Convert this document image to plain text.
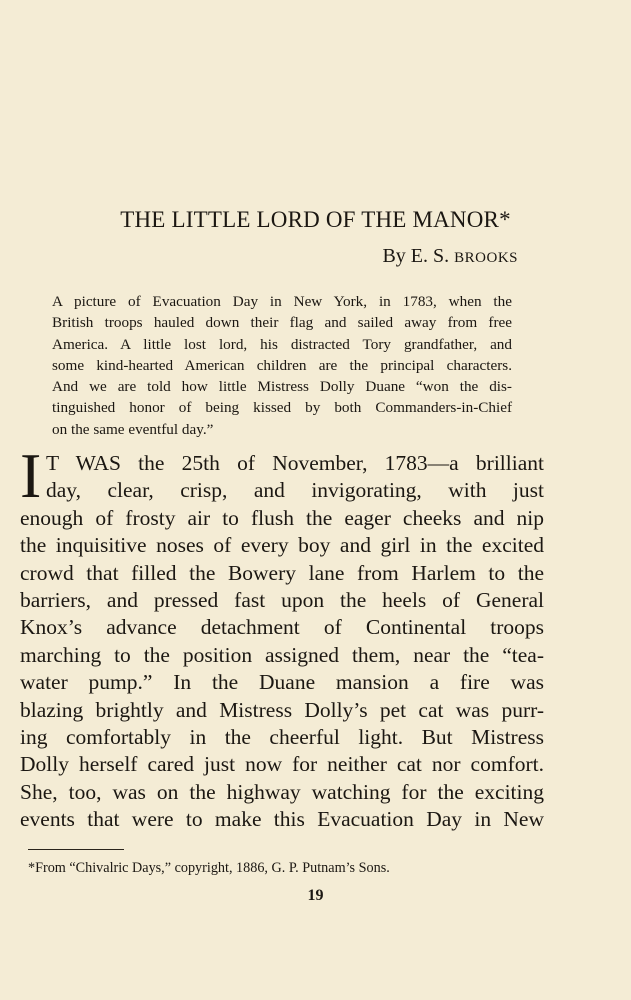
THE LITTLE LORD OF THE MANOR*
By E. S. BROOKS
A picture of Evacuation Day in New York, in 1783, when the
British troops hauled down their flag and sailed away from free
America. A little lost lord, his distracted Tory grandfather, and
some kind-hearted American children are the principal characters.
And we are told how little Mistress Dolly Duane “won the dis-
tinguished honor of being kissed by both Commanders-in-Chief
on the same eventful day.”
I T WAS the 25th of November, 1783—a brilliant
day, clear, crisp, and invigorating, with just
enough of frosty air to flush the eager cheeks and nip
the inquisitive noses of every boy and girl in the excited
crowd that filled the Bowery lane from Harlem to the
barriers, and pressed fast upon the heels of General
Knox’s advance detachment of Continental troops
marching to the position assigned them, near the “tea-
water pump.” In the Duane mansion a fire was
blazing brightly and Mistress Dolly’s pet cat was purr-
ing comfortably in the cheerful light. But Mistress
Dolly herself cared just now for neither cat nor comfort.
She, too, was on the highway watching for the exciting
events that were to make this Evacuation Day in New
*From “Chivalric Days,” copyright, 1886, G. P. Putnam’s Sons.
19
